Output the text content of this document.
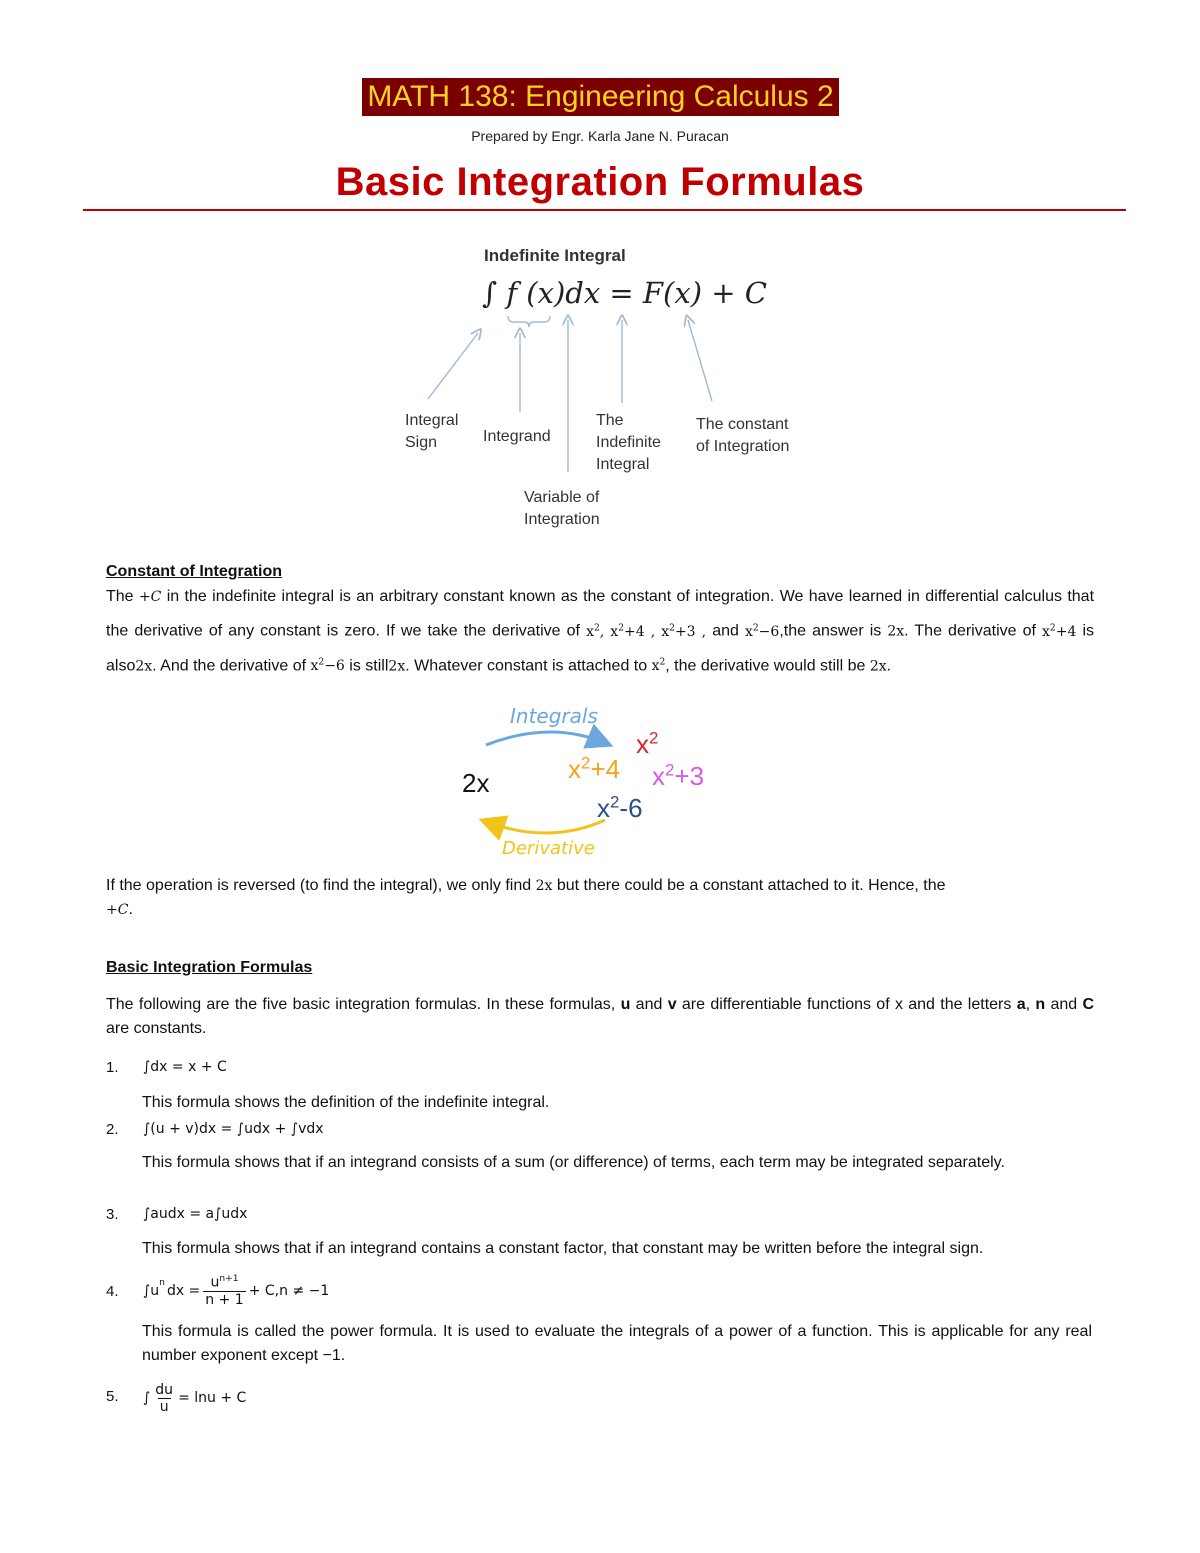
MATH 138: Engineering Calculus 2
Prepared by Engr. Karla Jane N. Puracan
Basic Integration Formulas
Indefinite Integral
∫ f (x)dx = F(x) + C
Integral
Sign	Integrand
The
Indefinite
Integral
The constant
of Integration
Variable of
Integration
Constant of Integration
The +C in the indefinite integral is an arbitrary constant known as the constant of integration. We have learned in differential calculus that the derivative of any constant is zero. If we take the derivative of $x^2$, $x^2+4$ , $x^2+3$ , and $x^2-6,the$ answer is 2x. The derivative of $x^2+4$ is also2x. And the derivative of $x^2-6$ is still2x. Whatever constant is attached to $x^2$, the derivative would still be 2x.
Integrals
Derivative
2x	$x^2+4$
$x^2$
$x^2+3$
$x^2-6$
If the operation is reversed (to find the integral), we only find 2x but there could be a constant attached to it. Hence, the
+C.
Basic Integration Formulas
The following are the five basic integration formulas. In these formulas, u and v are differentiable functions of x and the letters a, n and C are constants.
1. ∫dx = x + C
This formula shows the definition of the indefinite integral.
2. ∫(u + v)dx = ∫udx + ∫vdx
This formula shows that if an integrand consists of a sum (or difference) of terms, each term may be integrated separately.
3. ∫audx = a∫udx
This formula shows that if an integrand contains a constant factor, that constant may be written before the integral sign.
4. $\int u^n$ dx = $\frac{u^{n+1}}{n + 1} + C,n \ne -1$
This formula is called the power formula. It is used to evaluate the integrals of a power of a function. This is applicable for any real number exponent except −1.
5. ∫ $\frac{du}{u} = \ln u + C$
